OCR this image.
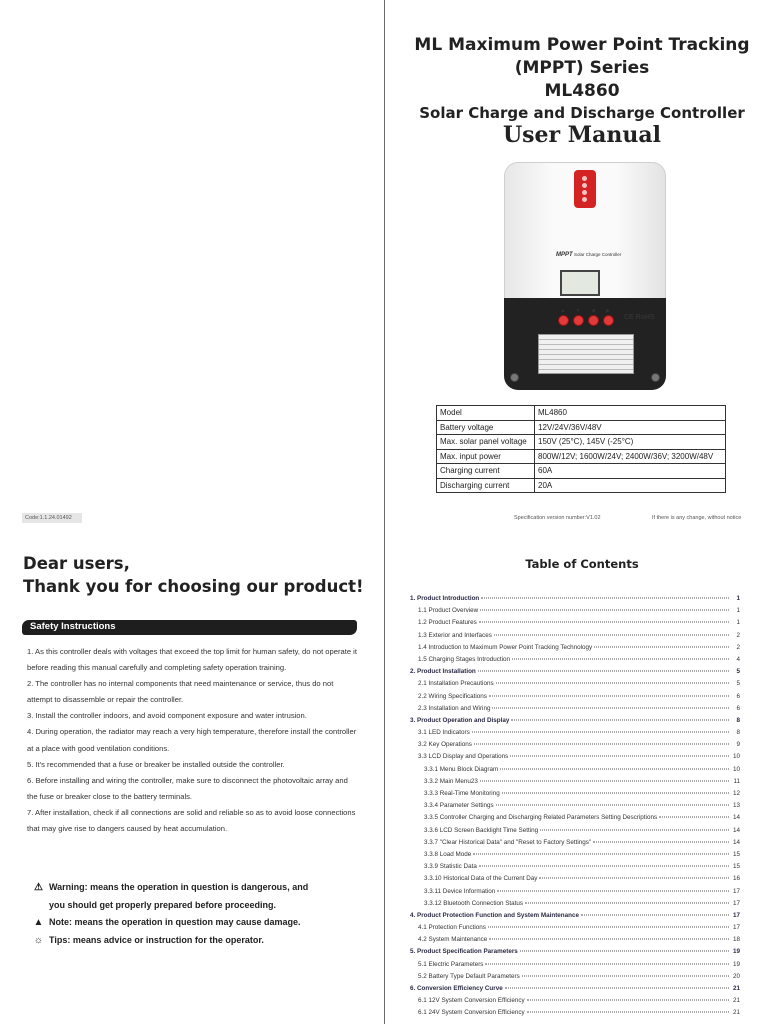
ML Maximum Power Point Tracking
(MPPT) Series
ML4860
Solar Charge and Discharge Controller
User Manual
MPPT Solar Charge Controller
▲	▼	◀	▶
CE RoHS
Model	ML4860
Battery voltage	12V/24V/36V/48V
Max. solar panel voltage	150V (25°C), 145V (-25°C)
Max. input power	800W/12V; 1600W/24V; 2400W/36V; 3200W/48V
Charging current	60A
Discharging current	20A
Code:1.1.24.01492	Specification version number:V1.02	If there is any change, without notice
Dear users,
Thank you for choosing our product!
Safety Instructions

1. As this controller deals with voltages that exceed the top limit for human safety, do not operate it before reading this manual carefully and completing safety operation training.

2. The controller has no internal components that need maintenance or service, thus do not attempt to disassemble or repair the controller.

3. Install the controller indoors, and avoid component exposure and water intrusion.

4. During operation, the radiator may reach a very high temperature, therefore install the controller at a place with good ventilation conditions.

5. It's recommended that a fuse or breaker be installed outside the controller.

6. Before installing and wiring the controller, make sure to disconnect the photovoltaic array and the fuse or breaker close to the battery terminals.

7. After installation, check if all connections are solid and reliable so as to avoid loose connections that may give rise to dangers caused by heat accumulation.

⚠ Warning: means the operation in question is dangerous, and
you should get properly prepared before proceeding.
▲ Note: means the operation in question may cause damage.
☼ Tips: means advice or instruction for the operator.
Table of Contents
1. Product Introduction	1
1.1 Product Overview	1
1.2 Product Features	1
1.3 Exterior and Interfaces	2
1.4 Introduction to Maximum Power Point Tracking Technology	2
1.5 Charging Stages Introduction	4
2. Product Installation	5
2.1 Installation Precautions	5
2.2 Wiring Specifications	6
2.3 Installation and Wiring	6
3. Product Operation and Display	8
3.1 LED Indicators	8
3.2 Key Operations	9
3.3 LCD Display and Operations	10
3.3.1 Menu Block Diagram	10
3.3.2 Main Menu23	11
3.3.3 Real-Time Monitoring	12
3.3.4 Parameter Settings	13
3.3.5 Controller Charging and Discharging Related Parameters Setting Descriptions	14
3.3.6 LCD Screen Backlight Time Setting	14
3.3.7 "Clear Historical Data" and "Reset to Factory Settings"	14
3.3.8 Load Mode	15
3.3.9 Statistic Data	15
3.3.10 Historical Data of the Current Day	16
3.3.11 Device Information	17
3.3.12 Bluetooth Connection Status	17
4. Product Protection Function and System Maintenance	17
4.1 Protection Functions	17
4.2 System Maintenance	18
5. Product Specification Parameters	19
5.1 Electric Parameters	19
5.2 Battery Type Default Parameters	20
6. Conversion Efficiency Curve	21
6.1 12V System Conversion Efficiency	21
6.1 24V System Conversion Efficiency	21
